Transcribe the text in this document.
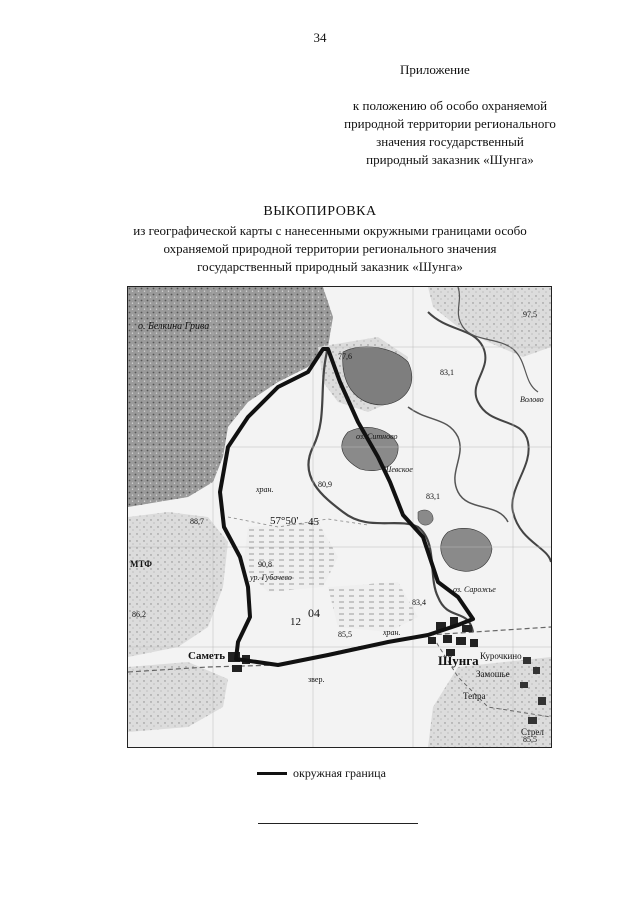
34
Приложение
к положению об особо охраняемой
природной территории регионального
значения государственный
природный заказник «Шунга»
ВЫКОПИРОВКА
из географической карты с нанесенными окружными границами особо
охраняемой природной территории регионального значения
государственный природный заказник «Шунга»
о. Белкина Грива
Шунга
Саметь	Курочкино
Замошье
Тепра
Стрел
оз. Ситново
Шевское
оз. Сарожье
ур. Губачево
звер.
хран.
хран.
МТФ
Волово
57°50' 45
04
12
88,7
86,2
90,8
85,5
83,1
83,4
85,5
80,9
97,5
77,6
83,1
окружная граница
